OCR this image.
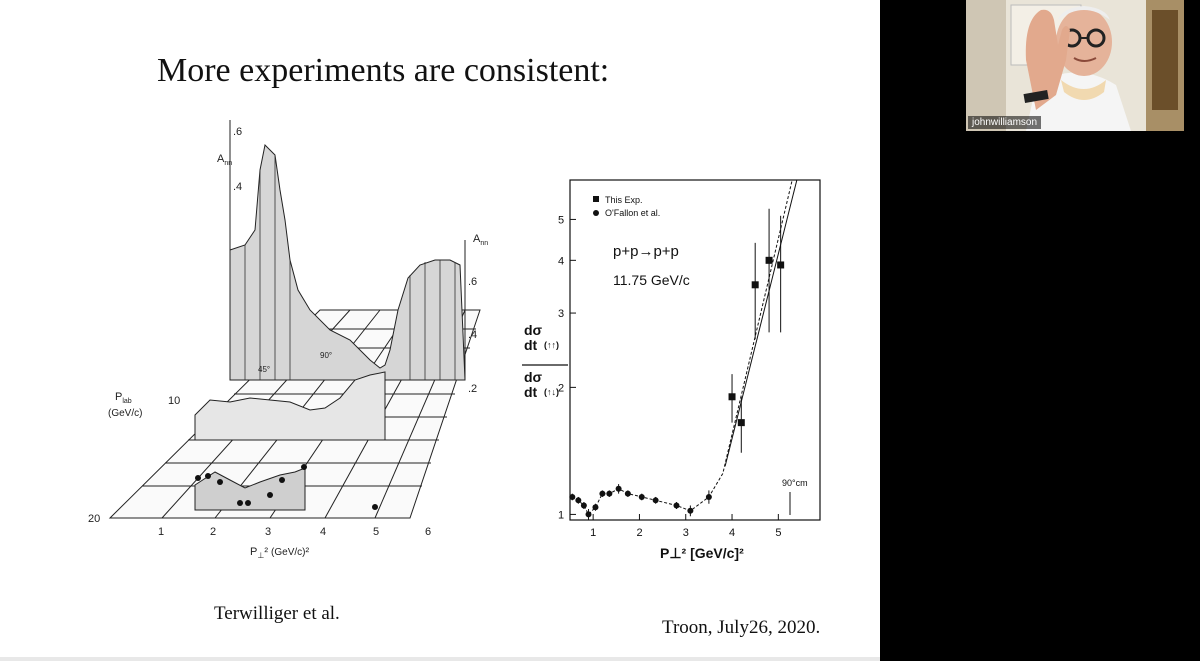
More experiments are consistent:
$A_{nn}$
$A_{nn}$
.6
.4
.6
.4
.2
$P_{lab}$
(GeV/c)
10
20
1	2	3	4	5	6
$P_\perp^2$ (GeV/c)²
90°
45°
1
2
3
4
5
1	2	3	4	5
This Exp.
O'Fallon et al.
p+p→p+p
11.75 GeV/c
90°cm
dσ
dt (↑↑)
dσ
dt (↑↓)
P⊥² [GeV/c]²
Terwilliger et al.
Troon, July26, 2020.
johnwilliamson
